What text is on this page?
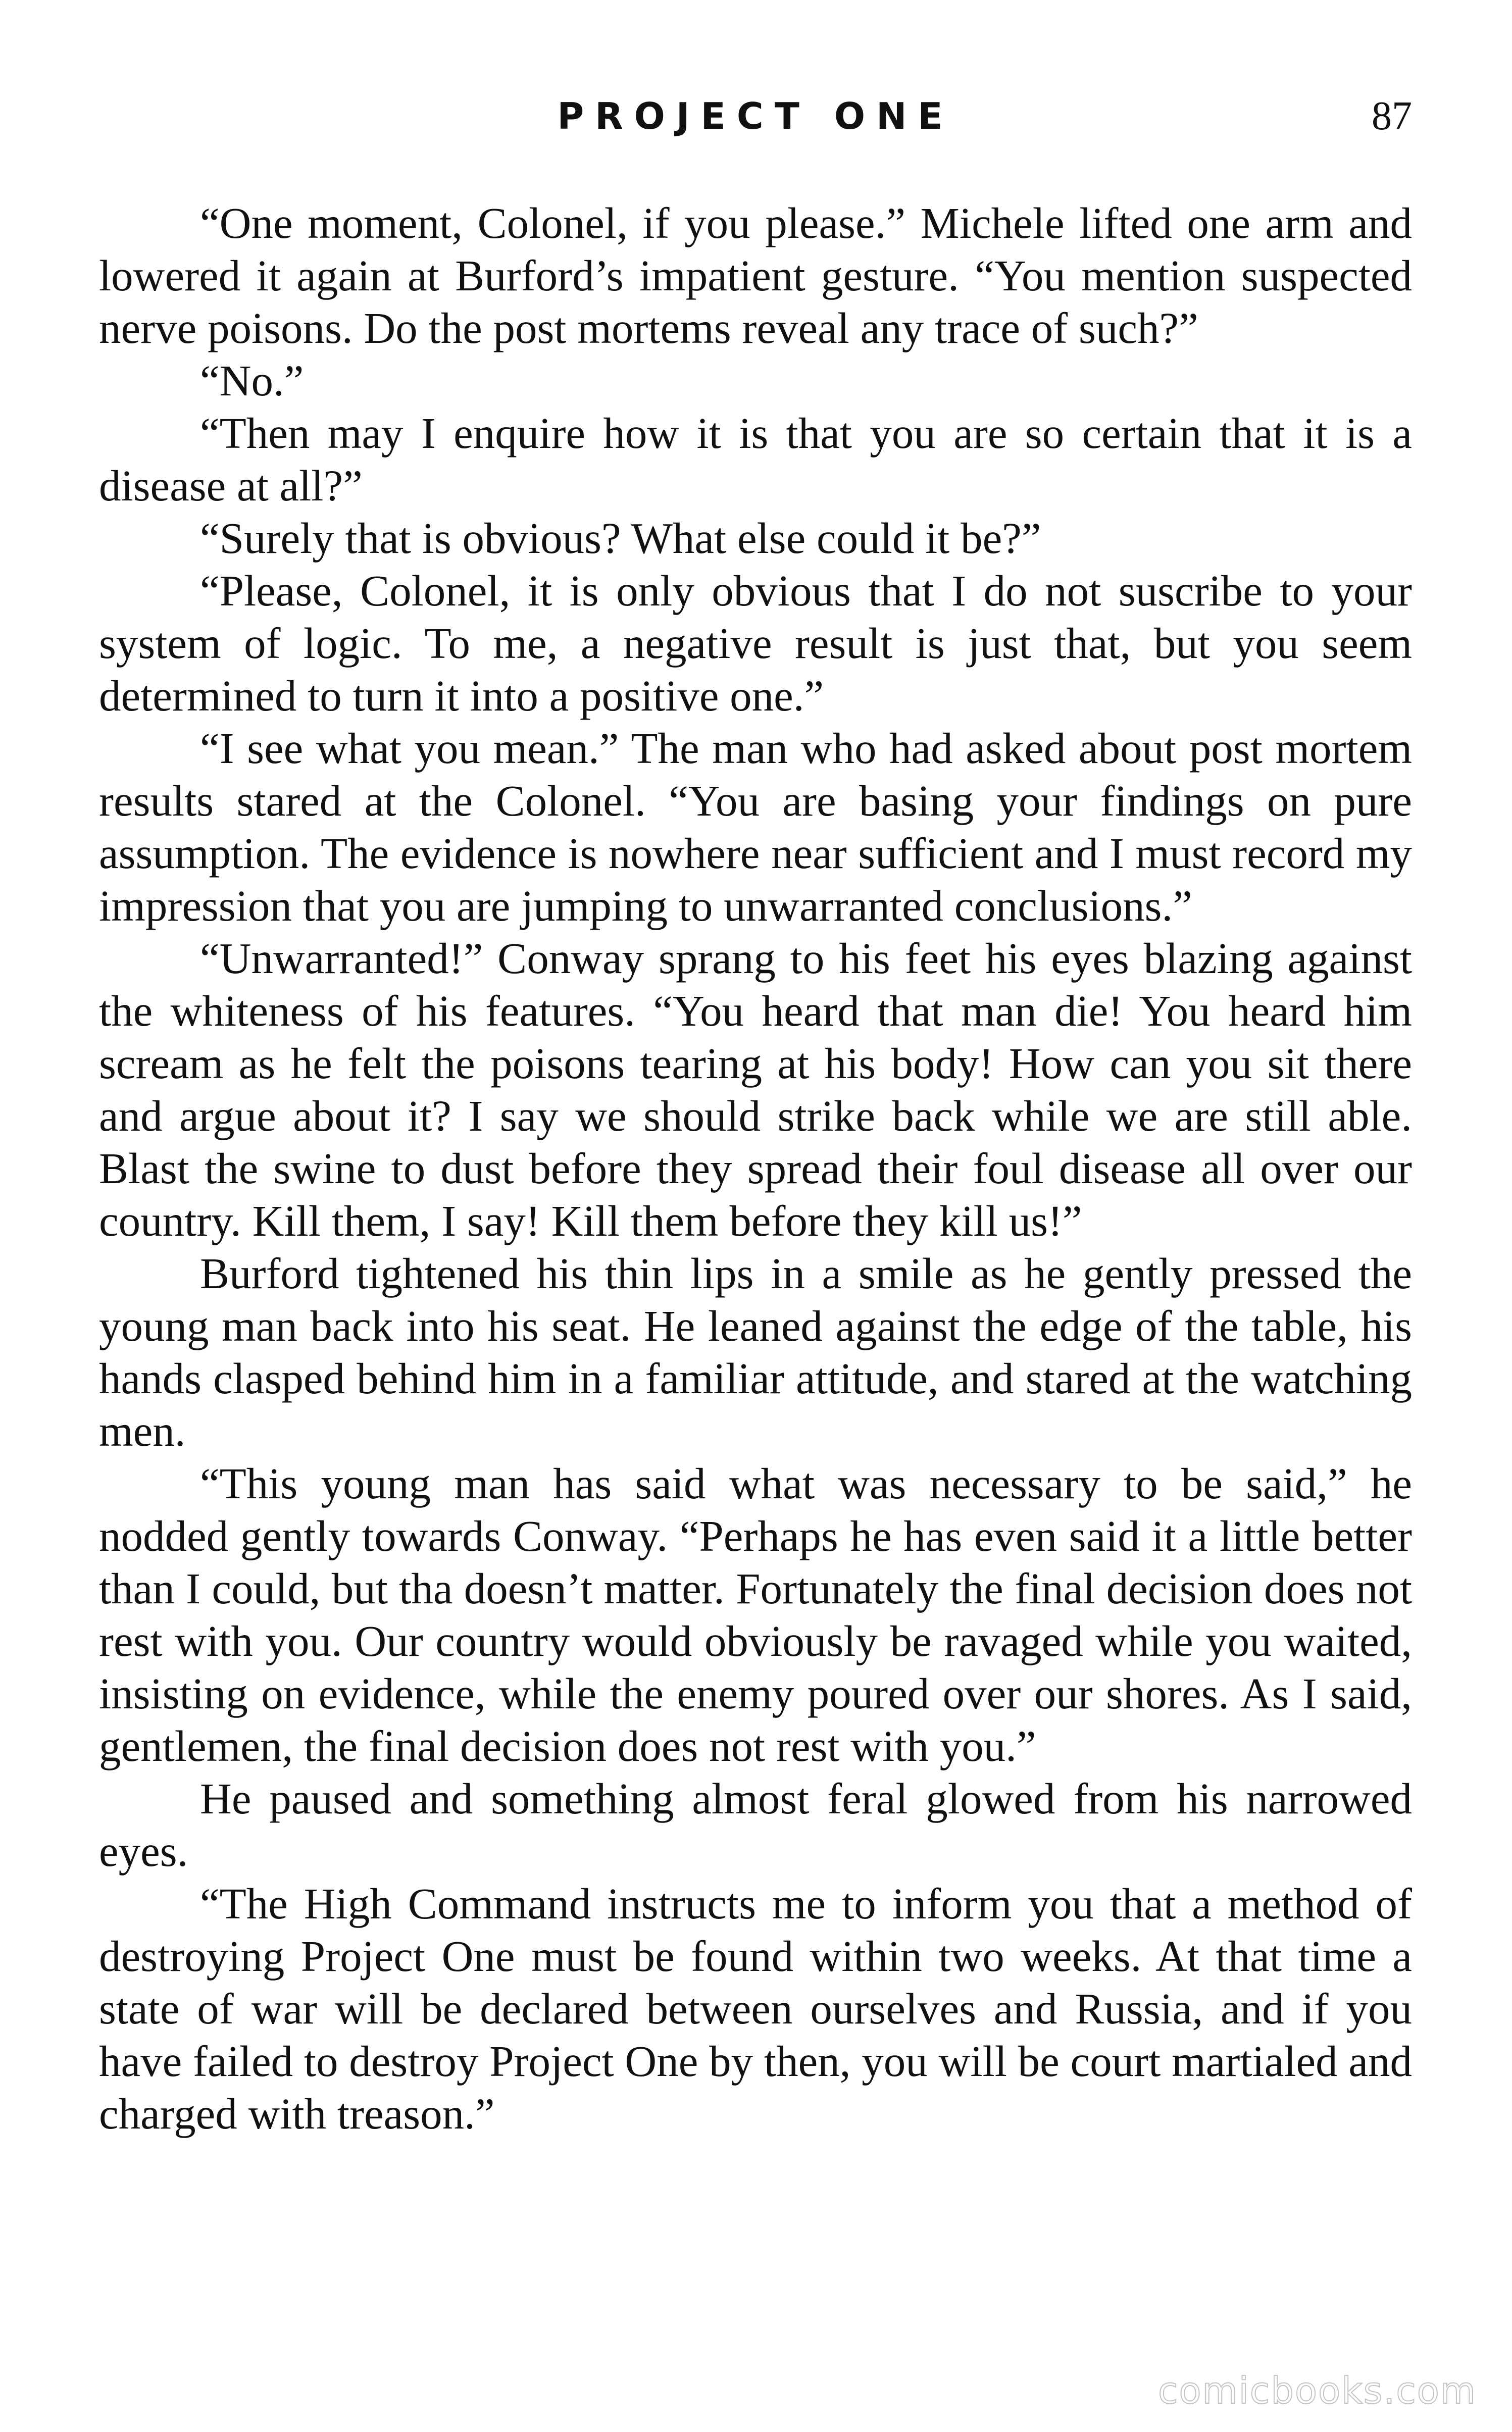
PROJECT ONE	87

“One moment, Colonel, if you please.” Michele lifted one arm and lowered it again at Burford’s impatient gesture. “You mention suspected nerve poisons. Do the post mortems reveal any trace of such?”

“No.”

“Then may I enquire how it is that you are so certain that it is a disease at all?”

“Surely that is obvious? What else could it be?”

“Please, Colonel, it is only obvious that I do not suscribe to your system of logic. To me, a negative result is just that, but you seem determined to turn it into a positive one.”

“I see what you mean.” The man who had asked about post mortem results stared at the Colonel. “You are basing your findings on pure assumption. The evidence is nowhere near sufficient and I must record my impression that you are jumping to unwarranted conclusions.”

“Unwarranted!” Conway sprang to his feet his eyes blazing against the whiteness of his features. “You heard that man die! You heard him scream as he felt the poisons tearing at his body! How can you sit there and argue about it? I say we should strike back while we are still able. Blast the swine to dust before they spread their foul disease all over our country. Kill them, I say! Kill them before they kill us!”

Burford tightened his thin lips in a smile as he gently pressed the young man back into his seat. He leaned against the edge of the table, his hands clasped behind him in a familiar attitude, and stared at the watching men.

“This young man has said what was necessary to be said,” he nodded gently towards Conway. “Perhaps he has even said it a little better than I could, but tha doesn’t matter. Fortunately the final decision does not rest with you. Our country would obviously be ravaged while you waited, insisting on evidence, while the enemy poured over our shores. As I said, gentlemen, the final decision does not rest with you.”

He paused and something almost feral glowed from his narrowed eyes.

“The High Command instructs me to inform you that a method of destroying Project One must be found within two weeks. At that time a state of war will be declared between ourselves and Russia, and if you have failed to destroy Project One by then, you will be court martialed and charged with treason.”

comicbooks.com
